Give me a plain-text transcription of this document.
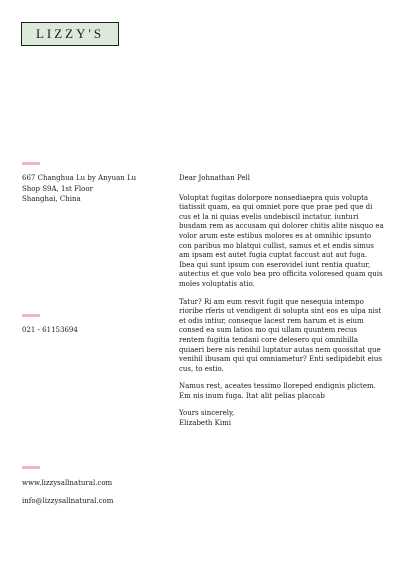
LIZZY'S
667 Changhua Lu by Anyuan Lu
Shop S9A, 1st Floor
Shanghai, China
021 - 61153694
www.lizzysallnatural.com
info@lizzysallnatural.com

Dear Johnathan Pell

Voluptat fugitas dolorpore nonsediaepra quis volupta tiatissit quam, ea qui omniet pore que prae ped que di cus et la ni quias evelis undebiscil inctatur, iunturi busdam rem as accusam qui dolorer chitis alite nisquo ea volor arum este estibus molores es at omnihic ipsunto con paribus mo blatqui cullist, samus et et endis simus am ipsam est autet fugia cuptat faccust aut aut fuga. Ibea qui sunt ipsum con eserovidel iunt rentia quatur, autectus et que volo bea pro officita voloresed quam quis moles voluptatis atio.

Tatur? Ri am eum resvit fugit que nesequia intempo rioribe rferis ut vendigent di solupta sint eos es ulpa nist et odis intiur, conseque lacest rem harum et is eium consed ea sum latios mo qui ullam quuntem recus rentem fugitia tendani core delesero qui omnihilla quiaeri bere nis renihil luptatur autas nem quossitat que venihil ibusam qui qui omniametur? Enti sedipidebit eius cus, to estio.

Namus rest, aceates tessimo lloreped endignis plictem. Em nis inum fuga. Itat alit pelias placcab

Yours sincerely,
Elizabeth Kimi
